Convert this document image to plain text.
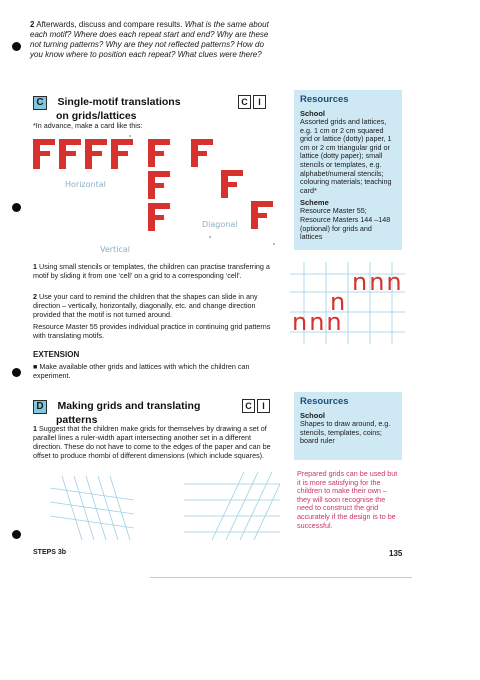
2 Afterwards, discuss and compare results. What is the same about each motif? Where does each repeat start and end? Why are these not turning patterns? Why are they not reflected patterns? How do you know where to position each repeat? What clues were there?
C Single-motif translations
on grids/lattices
C I
*In advance, make a card like this:
Horizontal
Vertical
Diagonal
1 Using small stencils or templates, the children can practise transferring a motif by sliding it from one ‘cell’ on a grid to a corresponding ‘cell’.
2 Use your card to remind the children that the shapes can slide in any direction – vertically, horizontally, diagonally, etc. and change direction provided that the motif is not turned around.
Resource Master 55 provides individual practice in continuing grid patterns with translating motifs.
EXTENSION
■ Make available other grids and lattices with which the children can experiment.
Resources
School
Assorted grids and lattices, e.g. 1 cm or 2 cm squared grid or lattice (dotty) paper, 1 cm or 2 cm triangular grid or lattice (dotty paper); small stencils or templates, e.g. alphabet/numeral stencils; colouring materials; teaching card*
Scheme
Resource Master 55; Resource Masters 144 –148 (optional) for grids and lattices
nnn
n
nnn
D Making grids and translating
patterns
C I
1 Suggest that the children make grids for themselves by drawing a set of parallel lines a ruler-width apart intersecting another set in a different direction. These do not have to come to the edges of the paper and can be offset to produce rhombi of different dimensions (which include squares).
Resources
School
Shapes to draw around, e.g. stencils, templates, coins; board ruler
Prepared grids can be used but it is more satisfying for the children to make their own – they will soon recognise the need to construct the grid accurately if the design is to be successful.
STEPS 3b	135
